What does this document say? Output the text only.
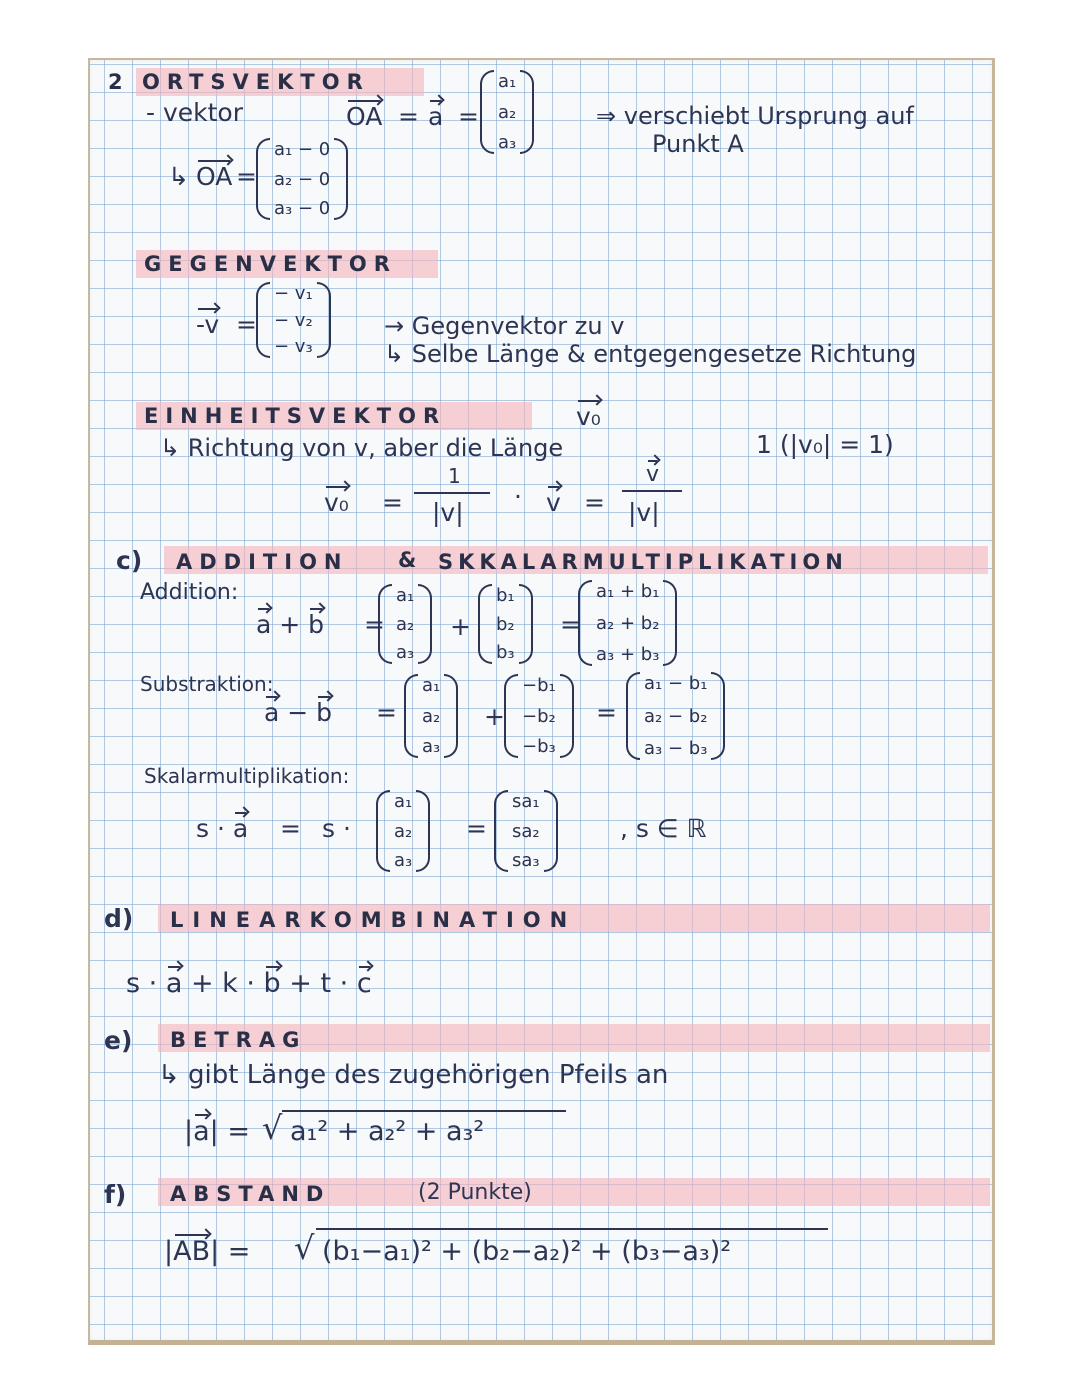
2 ORTSVEKTOR
- vektor	OA = a =
a₁
a₂
a₃
⇒ verschiebt Ursprung auf
Punkt A
↳ OA =
a₁ − 0
a₂ − 0
a₃ − 0
GEGENVEKTOR
-v =
− v₁
− v₂
− v₃
→ Gegenvektor zu v
↳ Selbe Länge & entgegengesetze Richtung
EINHEITSVEKTOR	v₀
↳ Richtung von v, aber die Länge	1 (|v₀| = 1)
v₀ =
1
|v|
· v =
v
|v|
c) ADDITION & SKKALARMULTIPLIKATION
Addition:
a + b =
a₁
a₂
a₃
+
b₁
b₂
b₃
=
a₁ + b₁
a₂ + b₂
a₃ + b₃
Substraktion:
a − b =
a₁
a₂
a₃
+
−b₁
−b₂
−b₃
=
a₁ − b₁
a₂ − b₂
a₃ − b₃
Skalarmultiplikation:
s · a = s ·
a₁
a₂
a₃
=
sa₁
sa₂
sa₃
, s ∈ ℝ
d) LINEARKOMBINATION
s · a + k · b + t · c
e) BETRAG
↳ gibt Länge des zugehörigen Pfeils an
|a| = √ a₁² + a₂² + a₃²
f) ABSTAND	(2 Punkte)
|AB| = √ (b₁−a₁)² + (b₂−a₂)² + (b₃−a₃)²
